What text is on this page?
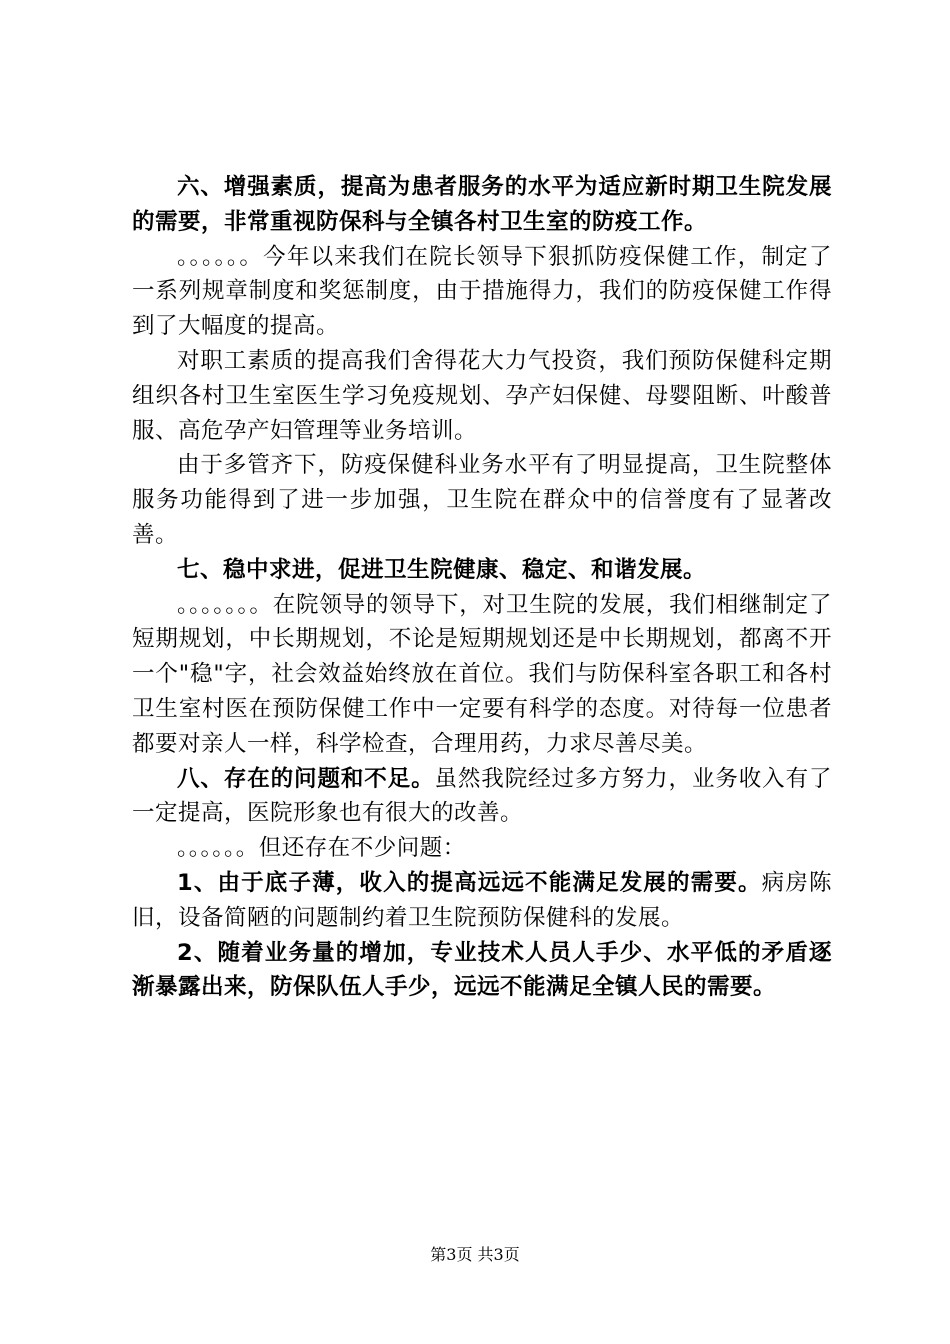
六、增强素质，提高为患者服务的水平为适应新时期卫生院发展的需要，非常重视防保科与全镇各村卫生室的防疫工作。

。。。。。。今年以来我们在院长领导下狠抓防疫保健工作，制定了一系列规章制度和奖惩制度，由于措施得力，我们的防疫保健工作得到了大幅度的提高。

对职工素质的提高我们舍得花大力气投资，我们预防保健科定期组织各村卫生室医生学习免疫规划、孕产妇保健、母婴阻断、叶酸普服、高危孕产妇管理等业务培训。

由于多管齐下，防疫保健科业务水平有了明显提高，卫生院整体服务功能得到了进一步加强，卫生院在群众中的信誉度有了显著改善。

七、稳中求进，促进卫生院健康、稳定、和谐发展。

。。。。。。。在院领导的领导下，对卫生院的发展，我们相继制定了短期规划，中长期规划，不论是短期规划还是中长期规划，都离不开一个"稳"字，社会效益始终放在首位。我们与防保科室各职工和各村卫生室村医在预防保健工作中一定要有科学的态度。对待每一位患者都要对亲人一样，科学检查，合理用药，力求尽善尽美。

八、存在的问题和不足。虽然我院经过多方努力，业务收入有了一定提高，医院形象也有很大的改善。

。。。。。。但还存在不少问题：

1、由于底子薄，收入的提高远远不能满足发展的需要。病房陈旧，设备简陋的问题制约着卫生院预防保健科的发展。

2、随着业务量的增加，专业技术人员人手少、水平低的矛盾逐渐暴露出来，防保队伍人手少，远远不能满足全镇人民的需要。

第3页 共3页
